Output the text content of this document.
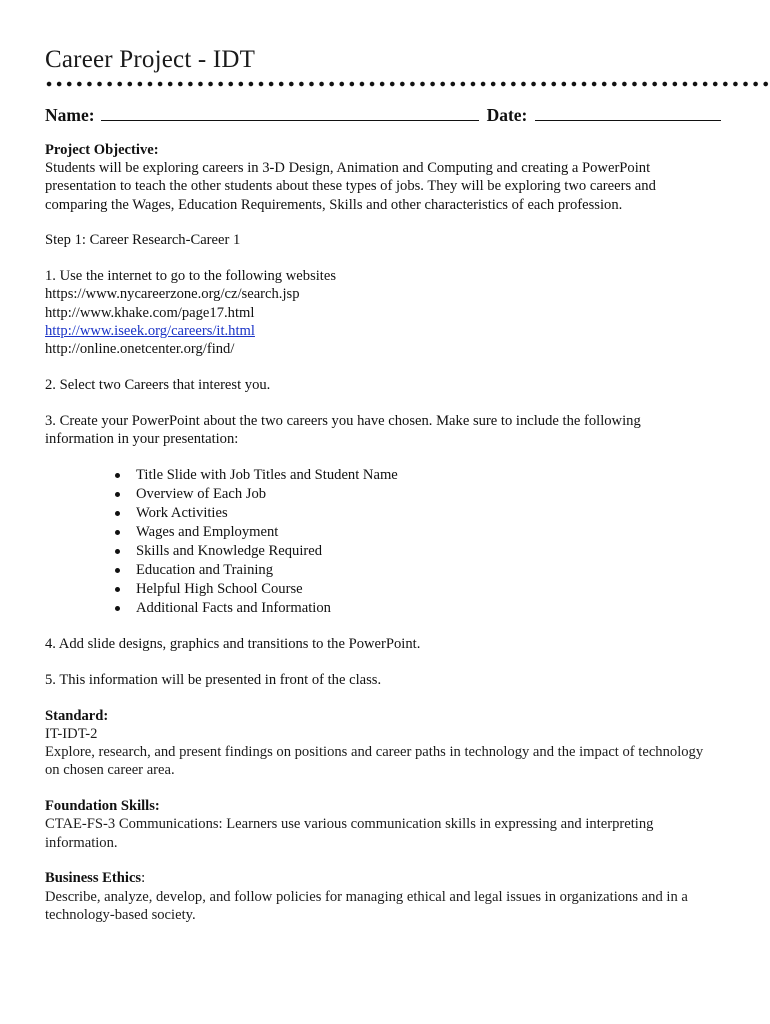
Career Project - IDT
Name:	Date:

Project Objective:

Students will be exploring careers in 3-D Design, Animation and Computing and creating a PowerPoint

presentation to teach the other students about these types of jobs. They will be exploring two careers and

comparing the Wages, Education Requirements, Skills and other characteristics of each profession.

Step 1: Career Research-Career 1

1. Use the internet to go to the following websites

https://www.nycareerzone.org/cz/search.jsp

http://www.khake.com/page17.html

http://www.iseek.org/careers/it.html

http://online.onetcenter.org/find/

2. Select two Careers that interest you.

3. Create your PowerPoint about the two careers you have chosen. Make sure to include the following

information in your presentation:

Title Slide with Job Titles and Student Name
Overview of Each Job
Work Activities
Wages and Employment
Skills and Knowledge Required
Education and Training
Helpful High School Course
Additional Facts and Information

4. Add slide designs, graphics and transitions to the PowerPoint.

5. This information will be presented in front of the class.

Standard:

IT-IDT-2

Explore, research, and present findings on positions and career paths in technology and the impact of technology

on chosen career area.

Foundation Skills:

CTAE-FS-3 Communications: Learners use various communication skills in expressing and interpreting

information.

Business Ethics:

Describe, analyze, develop, and follow policies for managing ethical and legal issues in organizations and in a

technology-based society.
